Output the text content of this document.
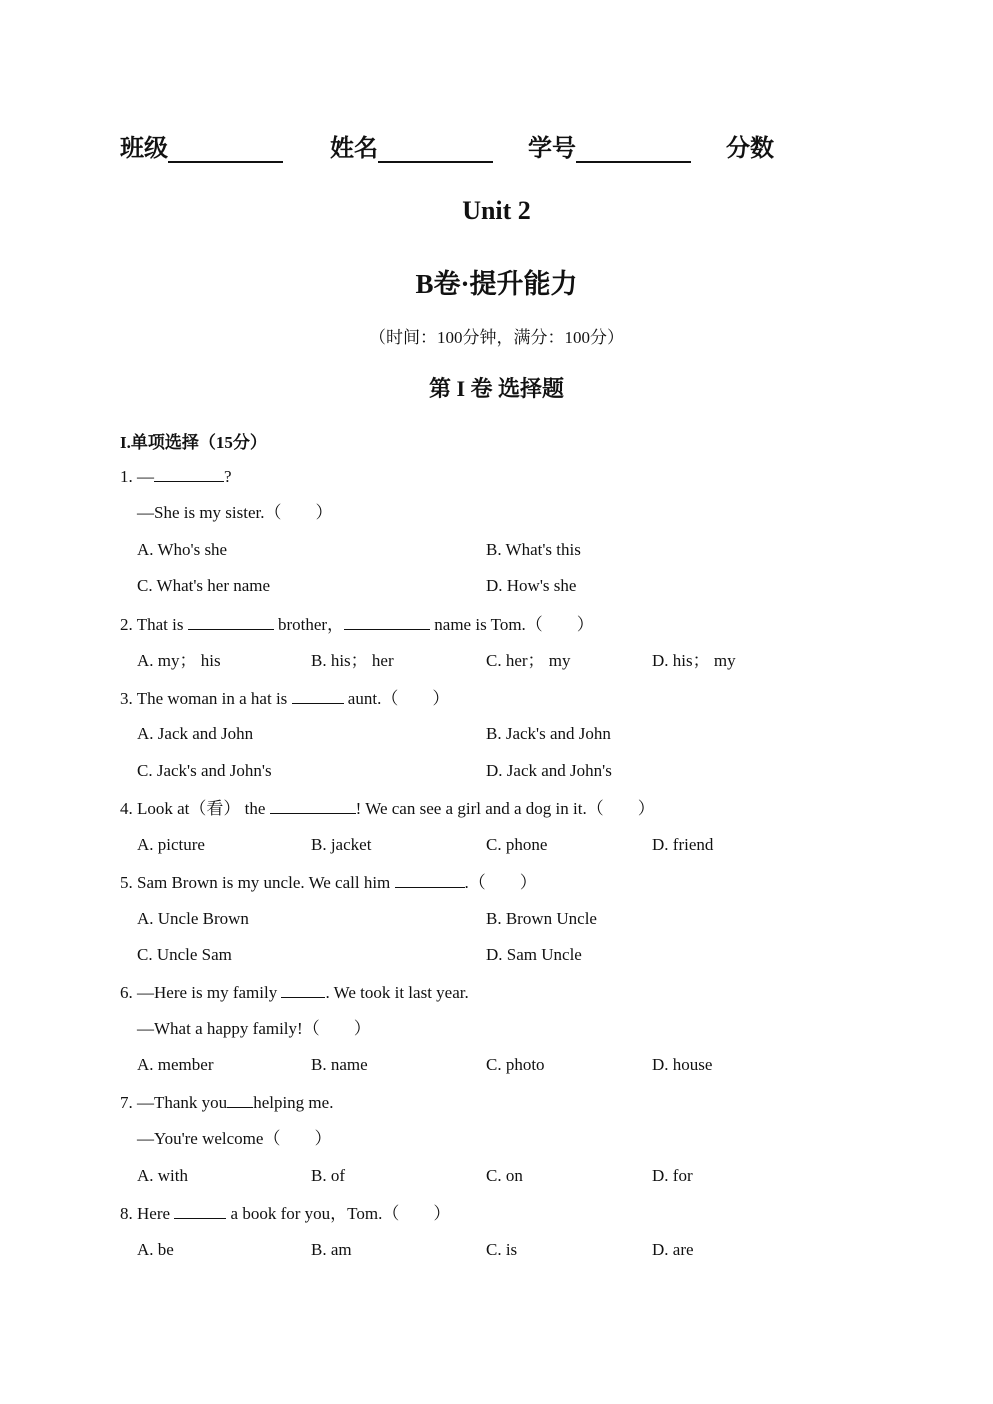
班级	姓名	学号	分数
Unit 2
B卷·提升能力
（时间：100分钟，满分：100分）
第 I 卷 选择题
I.单项选择（15分）
1. —	?
—She is my sister.（　　）
A. Who's she	B. What's this
C. What's her name	D. How's she
2. That is	brother，	name is Tom.（　　）
A. my； his	B. his； her	C. her； my	D. his； my
3. The woman in a hat is	aunt.（　　）
A. Jack and John	B. Jack's and John
C. Jack's and John's	D. Jack and John's
4. Look at（看） the	! We can see a girl and a dog in it.（　　）
A. picture	B. jacket	C. phone	D. friend
5. Sam Brown is my uncle. We call him	.（　　）
A. Uncle Brown	B. Brown Uncle
C. Uncle Sam	D. Sam Uncle
6. —Here is my family	. We took it last year.
—What a happy family!（　　）
A. member	B. name	C. photo	D. house
7. —Thank you helping me.
—You're welcome（　　）
A. with	B. of	C. on	D. for
8. Here	a book for you，Tom.（　　）
A. be	B. am	C. is	D. are
